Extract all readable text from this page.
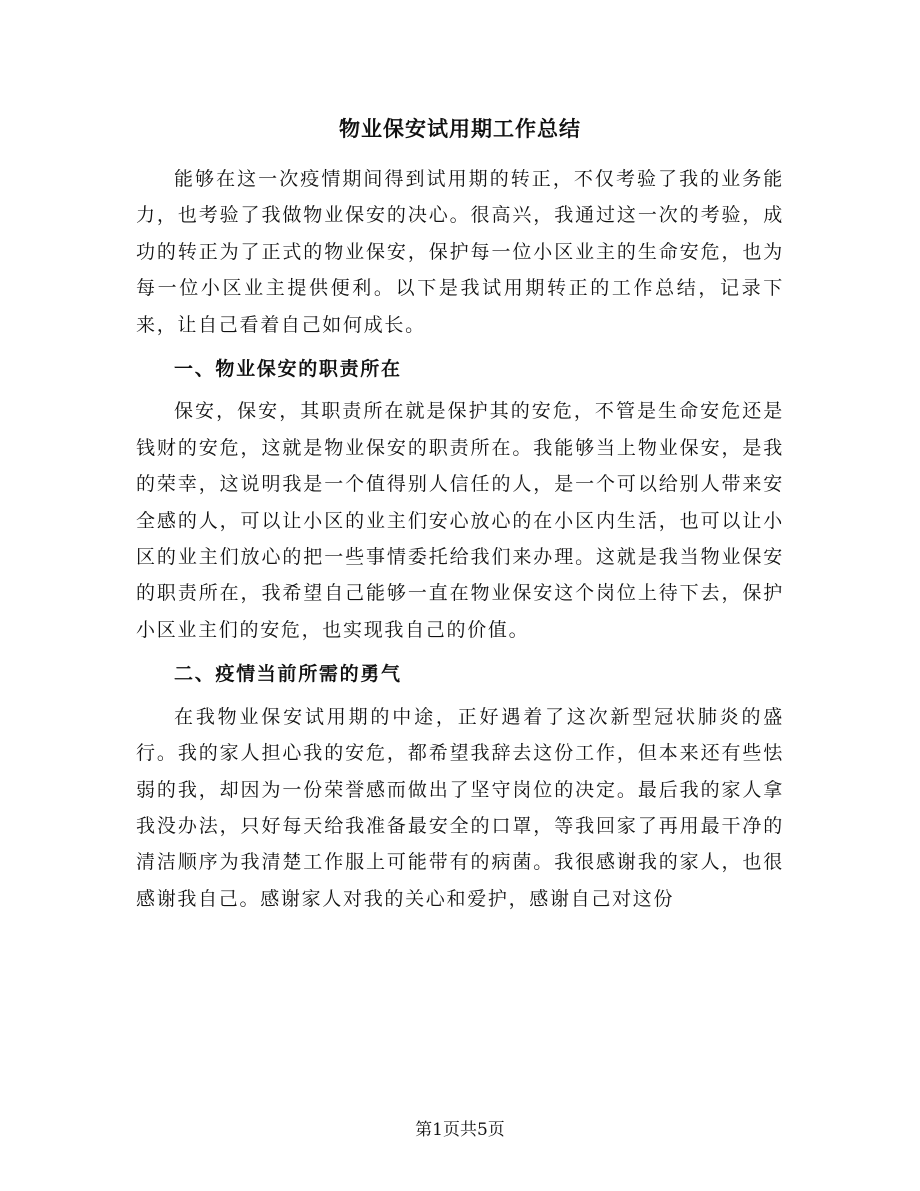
物业保安试用期工作总结

能够在这一次疫情期间得到试用期的转正，不仅考验了我的业务能力，也考验了我做物业保安的决心。很高兴，我通过这一次的考验，成功的转正为了正式的物业保安，保护每一位小区业主的生命安危，也为每一位小区业主提供便利。以下是我试用期转正的工作总结，记录下来，让自己看着自己如何成长。

一、物业保安的职责所在

保安，保安，其职责所在就是保护其的安危，不管是生命安危还是钱财的安危，这就是物业保安的职责所在。我能够当上物业保安，是我的荣幸，这说明我是一个值得别人信任的人，是一个可以给别人带来安全感的人，可以让小区的业主们安心放心的在小区内生活，也可以让小区的业主们放心的把一些事情委托给我们来办理。这就是我当物业保安的职责所在，我希望自己能够一直在物业保安这个岗位上待下去，保护小区业主们的安危，也实现我自己的价值。

二、疫情当前所需的勇气

在我物业保安试用期的中途，正好遇着了这次新型冠状肺炎的盛行。我的家人担心我的安危，都希望我辞去这份工作，但本来还有些怯弱的我，却因为一份荣誉感而做出了坚守岗位的决定。最后我的家人拿我没办法，只好每天给我准备最安全的口罩，等我回家了再用最干净的清洁顺序为我清楚工作服上可能带有的病菌。我很感谢我的家人，也很感谢我自己。感谢家人对我的关心和爱护，感谢自己对这份

第1页共5页
